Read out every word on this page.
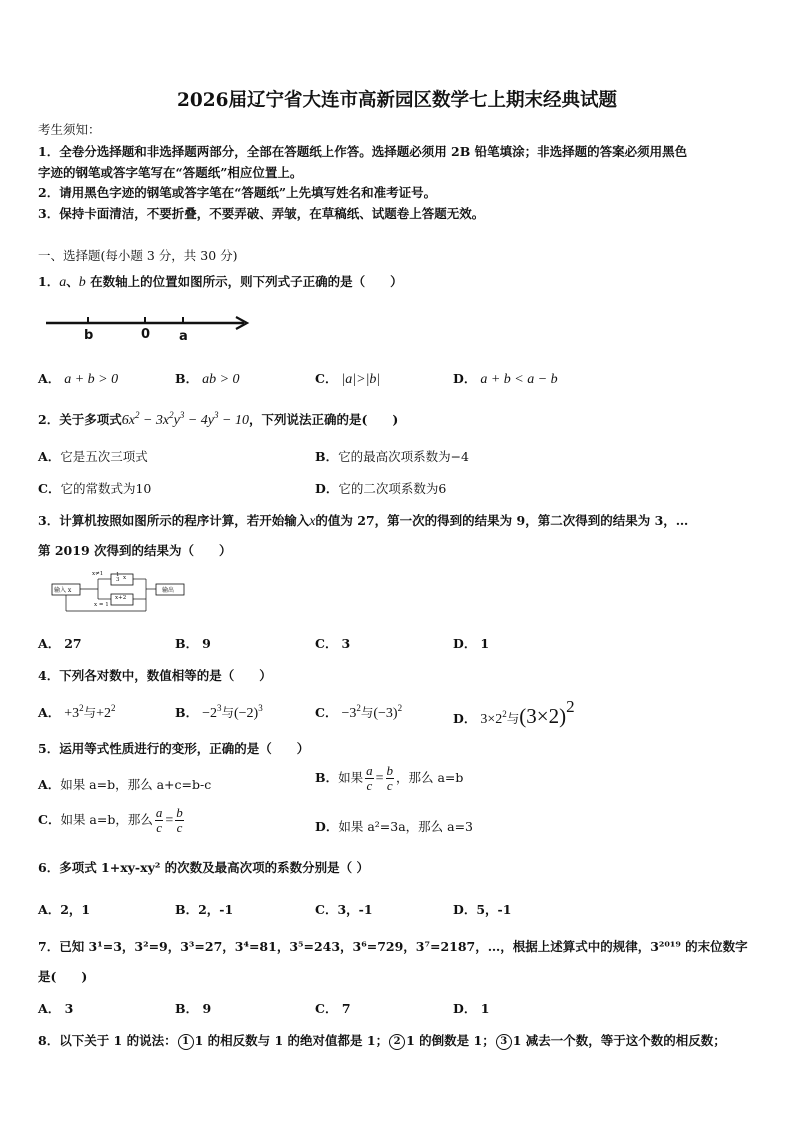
2026届辽宁省大连市高新园区数学七上期末经典试题
考生须知：
1．全卷分选择题和非选择题两部分，全部在答题纸上作答。选择题必须用 2B 铅笔填涂；非选择题的答案必须用黑色
字迹的钢笔或答字笔写在“答题纸”相应位置上。
2．请用黑色字迹的钢笔或答字笔在“答题纸”上先填写姓名和准考证号。
3．保持卡面清洁，不要折叠，不要弄破、弄皱，在草稿纸、试题卷上答题无效。
一、选择题(每小题 3 分，共 30 分)
1．a、b 在数轴上的位置如图所示，则下列式子正确的是（　　）
b	0 a
A． a + b > 0	B． ab > 0	C． |a|>|b|	D． a + b < a − b
2．关于多项式$6x^2 - 3x^2y^3 - 4y^3 - 10$，下列说法正确的是(　　)
A．它是五次三项式	B．它的最高次项系数为−4
C．它的常数式为10	D．它的二次项系数为6
3．计算机按照如图所示的程序计算，若开始输入x的值为 27，第一次的得到的结果为 9，第二次得到的结果为 3，…
第 2019 次得到的结果为（　　）
输入 x
x≠1 1
3 x
x+2
输出
x = 1
A． 27	B． 9	C． 3	D． 1
4．下列各对数中，数值相等的是（　　）
A． $+3^2$与$+2^2$	B． $-2^3$与$(-2)^3$	C． $-3^2$与$(-3)^2$
D． $3\times 2^2$与(3×2)2
5．运用等式性质进行的变形，正确的是（　　）
A．如果 a=b，那么 a+c=b-c	B．如果 $\frac{a}{c} = \frac{b}{c}$ ，那么 a=b
C．如果 a=b，那么 $\frac{a}{c} = \frac{b}{c}$	D．如果 a²=3a，那么 a=3
6．多项式 1+xy-xy² 的次数及最高次项的系数分别是（ ）
A．2，1	B．2，-1	C．3，-1	D．5，-1
7．已知 3¹=3，3²=9，3³=27，3⁴=81，3⁵=243，3⁶=729，3⁷=2187，…，根据上述算式中的规律，3²⁰¹⁹ 的末位数字
是(　　)
A． 3	B． 9	C． 7	D． 1
8．以下关于 1 的说法： 1 1 的相反数与 1 的绝对值都是 1； 2 1 的倒数是 1； 3 1 减去一个数，等于这个数的相反数；
